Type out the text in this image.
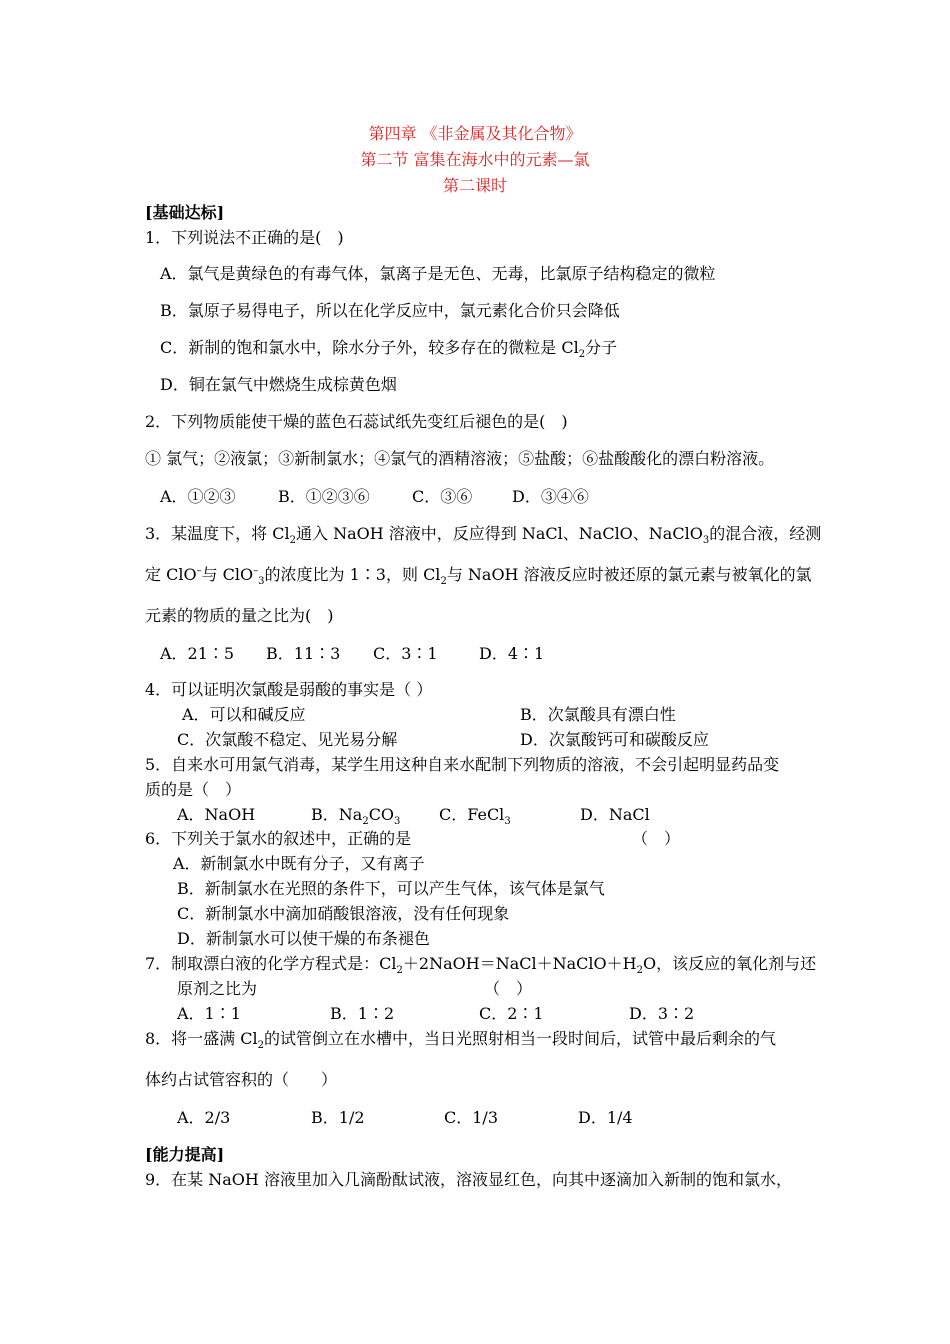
第四章 《非金属及其化合物》
第二节 富集在海水中的元素—氯
第二课时
[基础达标]
1．下列说法不正确的是(　)
A．氯气是黄绿色的有毒气体，氯离子是无色、无毒，比氯原子结构稳定的微粒
B．氯原子易得电子，所以在化学反应中，氯元素化合价只会降低
C．新制的饱和氯水中，除水分子外，较多存在的微粒是 $Cl_2$分子
D．铜在氯气中燃烧生成棕黄色烟
2．下列物质能使干燥的蓝色石蕊试纸先变红后褪色的是(　)
① 氯气；②液氯；③新制氯水；④氯气的酒精溶液；⑤盐酸；⑥盐酸酸化的漂白粉溶液。
A．①②③	B．①②③⑥	C．③⑥ D．③④⑥
3．某温度下，将 $Cl_2$通入 NaOH 溶液中，反应得到 NaCl、NaClO、NaClO$_3$的混合液，经测
定 ClO–与 ClO–$_3$的浓度比为 1∶3，则 $Cl_2$与 NaOH 溶液反应时被还原的氯元素与被氧化的氯
元素的物质的量之比为(　)
A．21∶5 B．11∶3 C．3∶1	D．4∶1
4．可以证明次氯酸是弱酸的事实是（ ）
A．可以和碱反应	B．次氯酸具有漂白性
C．次氯酸不稳定、见光易分解	D．次氯酸钙可和碳酸反应
5．自来水可用氯气消毒，某学生用这种自来水配制下列物质的溶液，不会引起明显药品变
质的是（　）
A．NaOH	B．$Na_2CO_3$ C．FeCl$_3$	D．NaCl
6．下列关于氯水的叙述中，正确的是	（　）
A．新制氯水中既有分子，又有离子
B．新制氯水在光照的条件下，可以产生气体，该气体是氯气
C．新制氯水中滴加硝酸银溶液，没有任何现象
D．新制氯水可以使干燥的布条褪色
7．制取漂白液的化学方程式是：$Cl_2+2NaOH=NaCl+NaClO+H_2O$，该反应的氧化剂与还
原剂之比为	（　）
A．1∶1	B．1∶2	C．2∶1	D．3∶2
8．将一盛满 $Cl_2$的试管倒立在水槽中，当日光照射相当一段时间后，试管中最后剩余的气
体约占试管容积的（　　）
A．2/3	B．1/2	C．1/3	D．1/4
[能力提高]
9．在某 NaOH 溶液里加入几滴酚酞试液，溶液显红色，向其中逐滴加入新制的饱和氯水，
